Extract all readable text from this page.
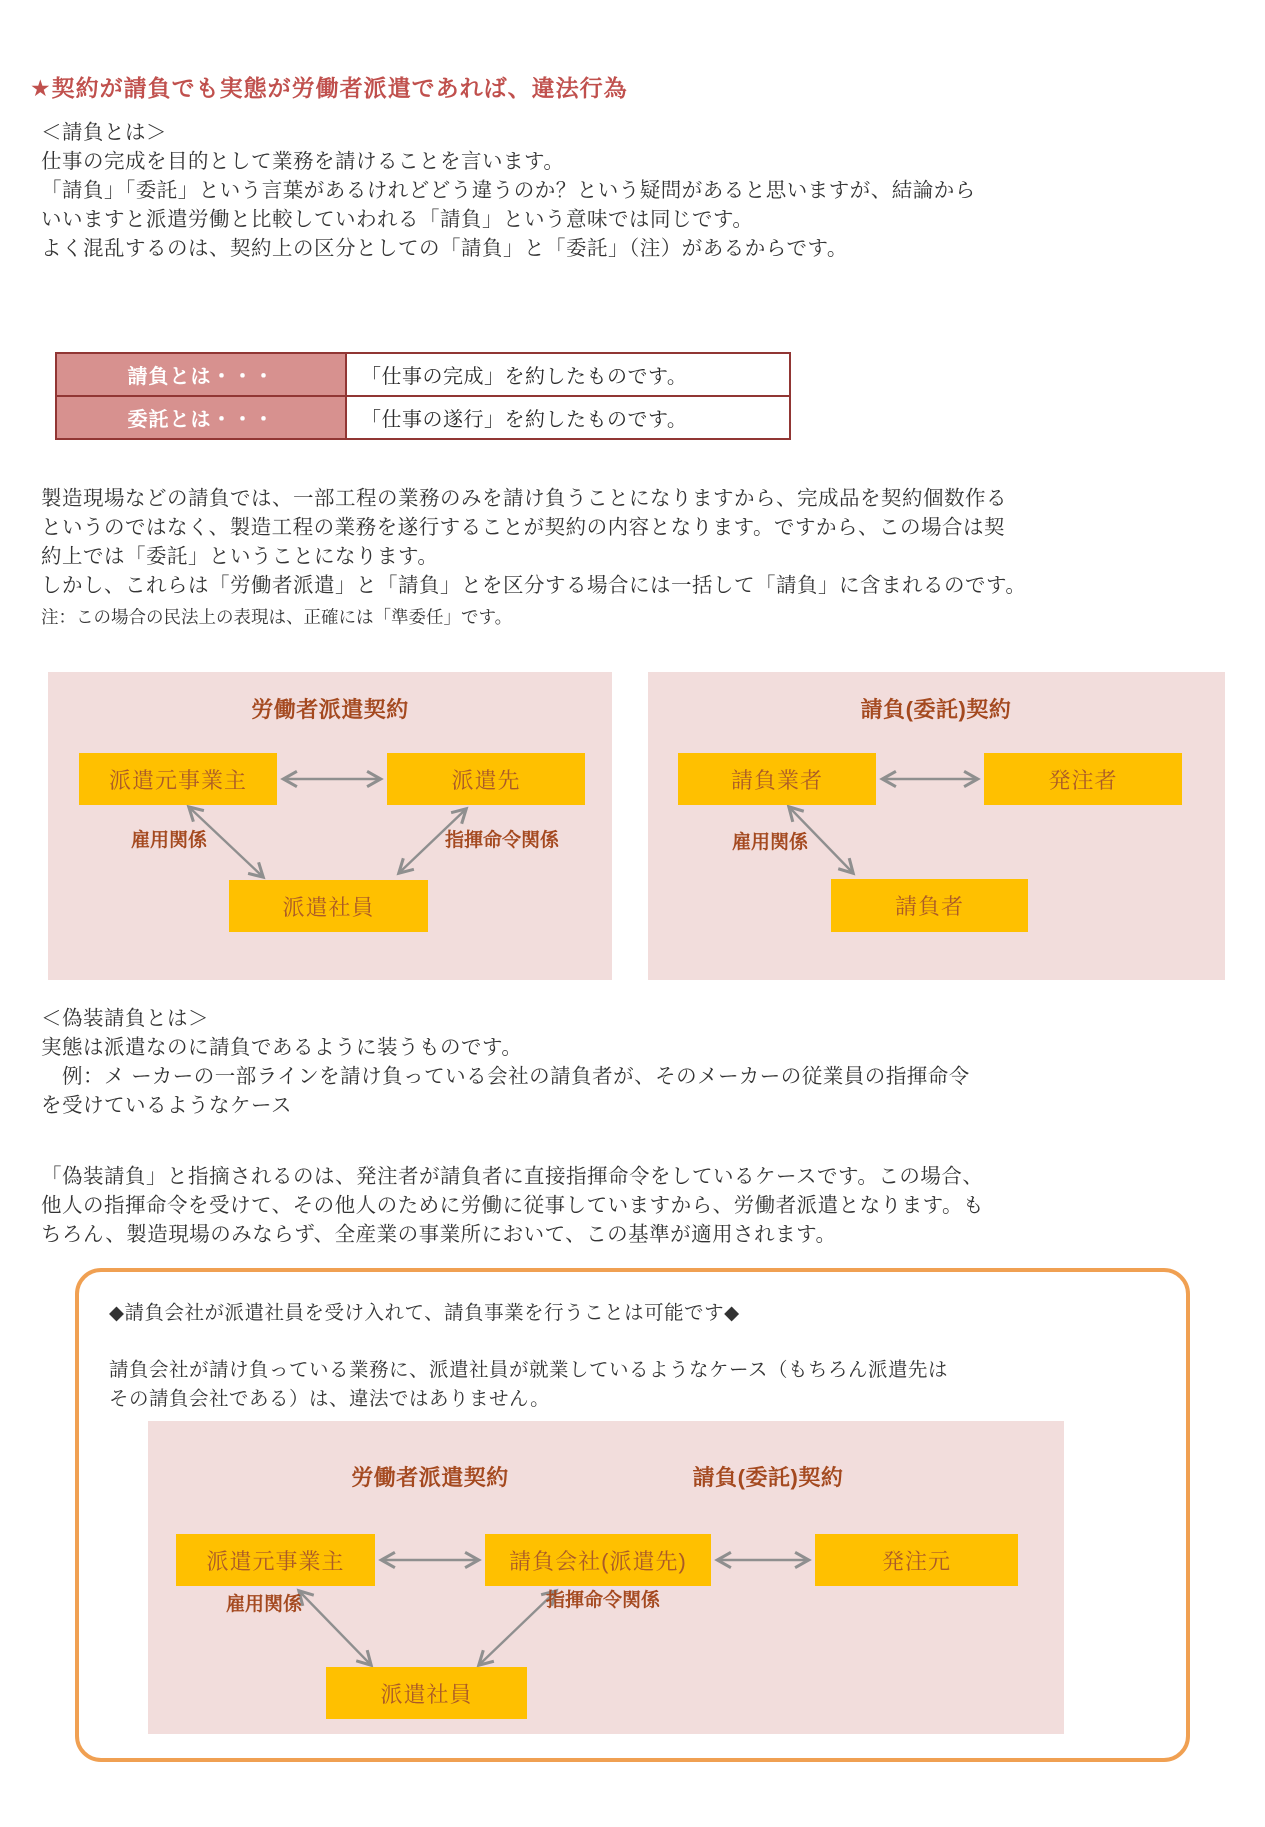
★契約が請負でも実態が労働者派遣であれば、違法行為
＜請負とは＞
仕事の完成を目的として業務を請けることを言います。
「請負」「委託」という言葉があるけれどどう違うのか？という疑問があると思いますが、結論から
いいますと派遣労働と比較していわれる「請負」という意味では同じです。
よく混乱するのは、契約上の区分としての「請負」と「委託」（注）があるからです。
請負とは・・・	「仕事の完成」を約したものです。
委託とは・・・	「仕事の遂行」を約したものです。
製造現場などの請負では、一部工程の業務のみを請け負うことになりますから、完成品を契約個数作る
というのではなく、製造工程の業務を遂行することが契約の内容となります。ですから、この場合は契
約上では「委託」ということになります。
しかし、これらは「労働者派遣」と「請負」とを区分する場合には一括して「請負」に含まれるのです。
注：この場合の民法上の表現は、正確には「準委任」です。
労働者派遣契約
派遣元事業主	派遣先
雇用関係	指揮命令関係
派遣社員
請負(委託)契約
請負業者	発注者
雇用関係
請負者
＜偽装請負とは＞
実態は派遣なのに請負であるように装うものです。
　例：メ ーカーの一部ラインを請け負っている会社の請負者が、そのメーカーの従業員の指揮命令
を受けているようなケース
「偽装請負」と指摘されるのは、発注者が請負者に直接指揮命令をしているケースです。この場合、
他人の指揮命令を受けて、その他人のために労働に従事していますから、労働者派遣となります。も
ちろん、製造現場のみならず、全産業の事業所において、この基準が適用されます。
◆請負会社が派遣社員を受け入れて、請負事業を行うことは可能です◆
請負会社が請け負っている業務に、派遣社員が就業しているようなケース（もちろん派遣先は
その請負会社である）は、違法ではありません。
労働者派遣契約	請負(委託)契約
派遣元事業主	請負会社(派遣先)	発注元
雇用関係	指揮命令関係
派遣社員
